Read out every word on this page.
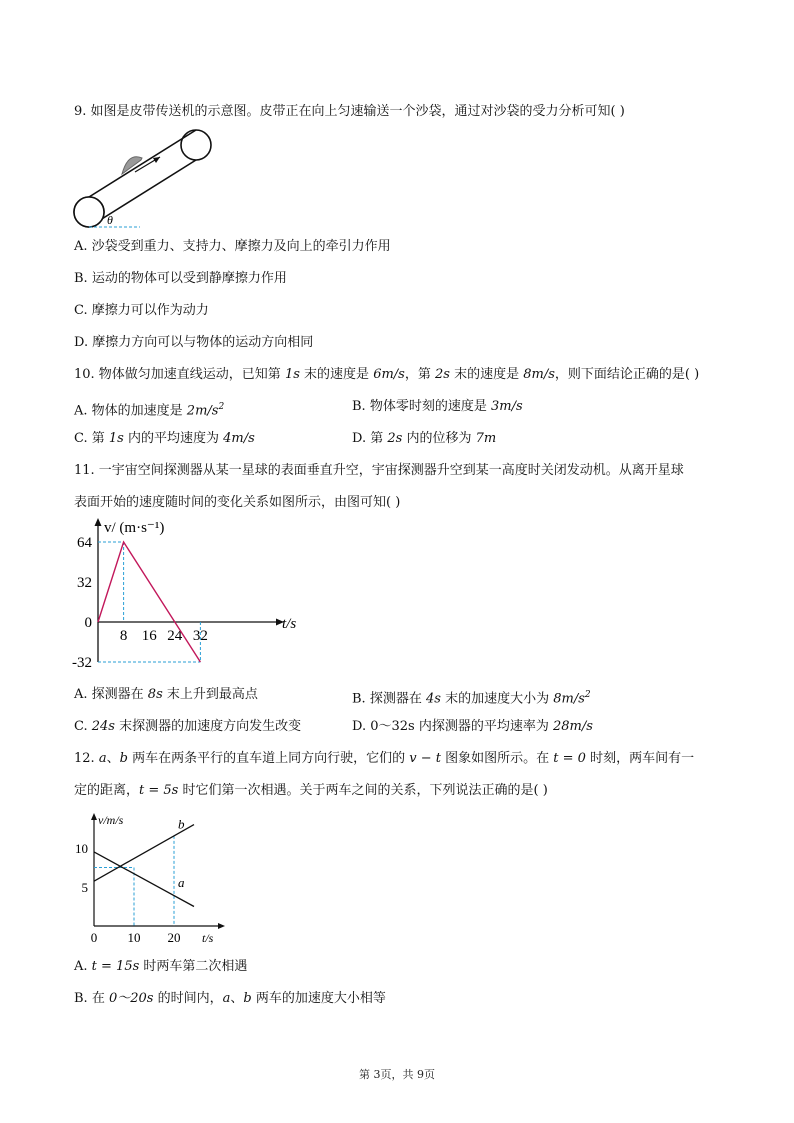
9. 如图是皮带传送机的示意图。皮带正在向上匀速输送一个沙袋，通过对沙袋的受力分析可知( )
θ
A. 沙袋受到重力、支持力、摩擦力及向上的牵引力作用
B. 运动的物体可以受到静摩擦力作用
C. 摩擦力可以作为动力
D. 摩擦力方向可以与物体的运动方向相同
10. 物体做匀加速直线运动，已知第 1s 末的速度是 6m/s，第 2s 末的速度是 8m/s，则下面结论正确的是( )
A. 物体的加速度是 $2m/s^2$	B. 物体零时刻的速度是 3m/s
C. 第 1s 内的平均速度为 4m/s	D. 第 2s 内的位移为 7m
11. 一宇宙空间探测器从某一星球的表面垂直升空，宇宙探测器升空到某一高度时关闭发动机。从离开星球
表面开始的速度随时间的变化关系如图所示，由图可知( )
v/ (m·s⁻¹)
t/s
8 16 24 32
64
32
0
-32
A. 探测器在 8s 末上升到最高点	B. 探测器在 4s 末的加速度大小为 $8m/s^2$
C. 24s 末探测器的加速度方向发生改变	D. 0～32s 内探测器的平均速率为 28m/s
12. a、b 两车在两条平行的直车道上同方向行驶，它们的 v − t 图象如图所示。在 t = 0 时刻，两车间有一
定的距离，t = 5s 时它们第一次相遇。关于两车之间的关系，下列说法正确的是( )
v/m/s
t/s
0 10 20
10
5
b
a
A. t = 15s 时两车第二次相遇
B. 在 0～20s 的时间内，a、b 两车的加速度大小相等
第 3页，共 9页
